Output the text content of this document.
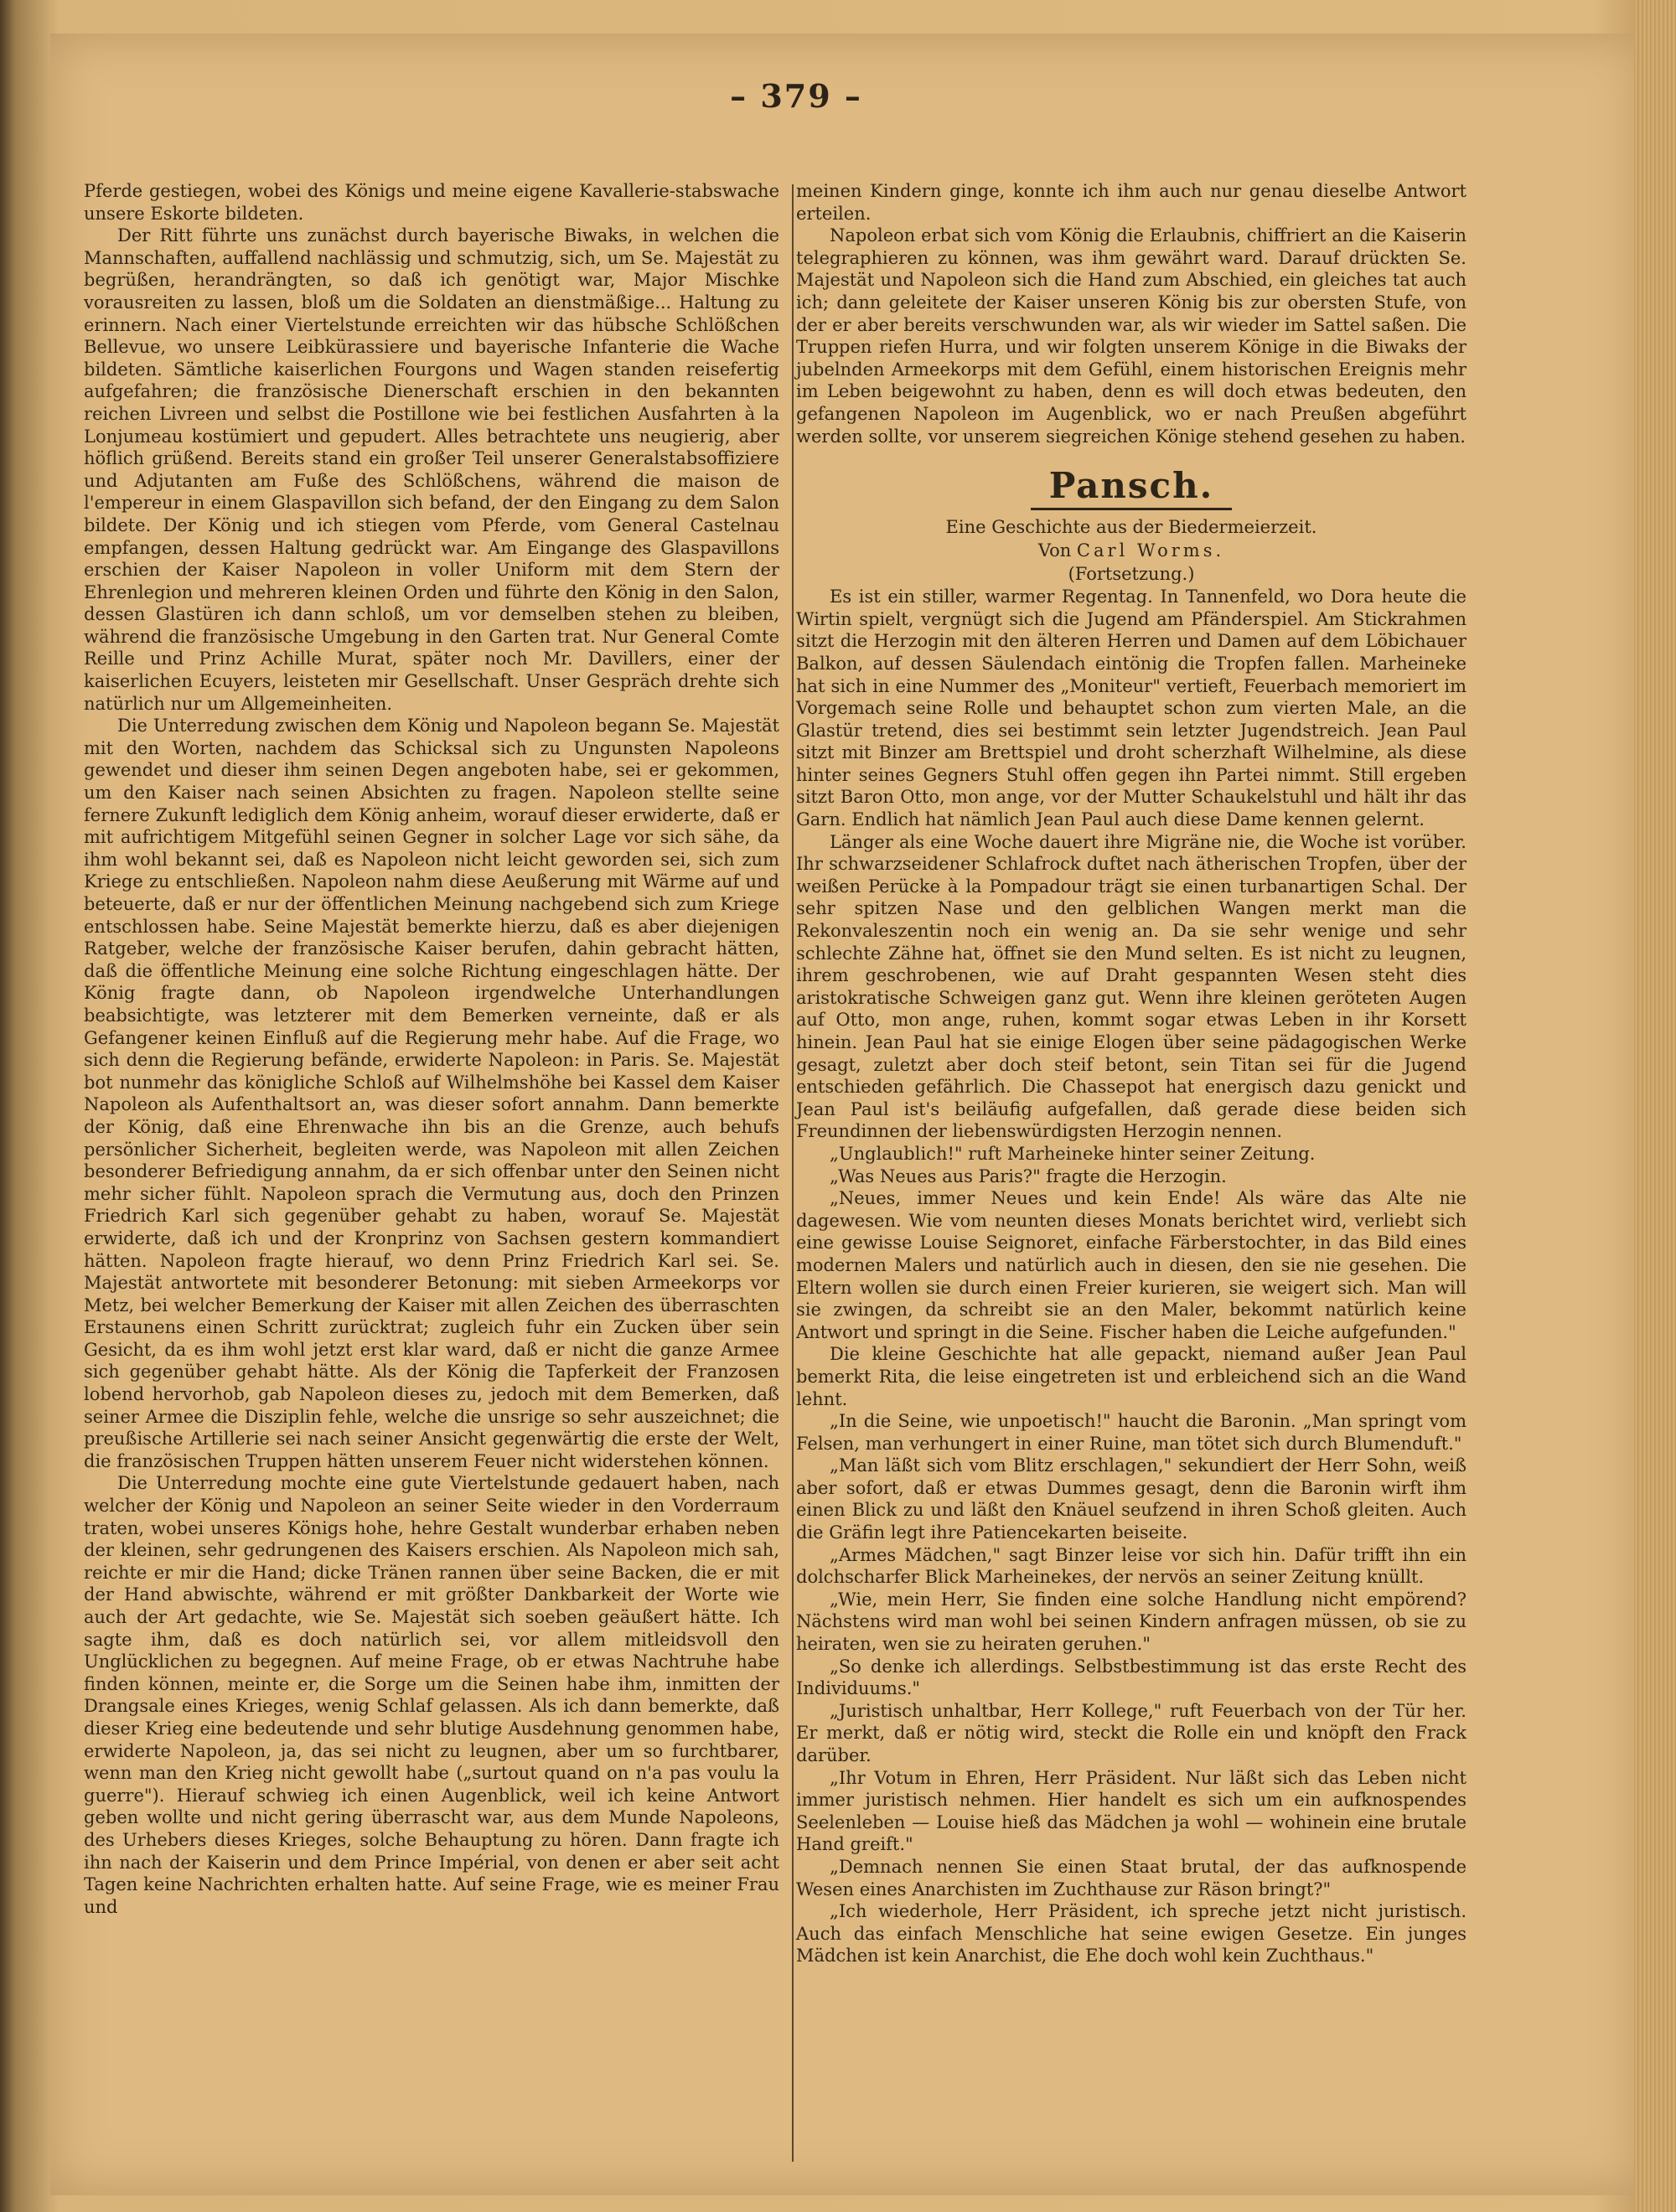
– 379 –

Pferde gestiegen, wobei des Königs und meine eigene Kavallerie-stabswache unsere Eskorte bildeten.

Der Ritt führte uns zunächst durch bayerische Biwaks, in welchen die Mannschaften, auffallend nachlässig und schmutzig, sich, um Se. Majestät zu begrüßen, herandrängten, so daß ich genötigt war, Major Mischke vorausreiten zu lassen, bloß um die Soldaten an dienstmäßige... Haltung zu erinnern. Nach einer Viertelstunde erreichten wir das hübsche Schlößchen Bellevue, wo unsere Leibkürassiere und bayerische Infanterie die Wache bildeten. Sämtliche kaiserlichen Fourgons und Wagen standen reisefertig aufgefahren; die französische Dienerschaft erschien in den bekannten reichen Livreen und selbst die Postillone wie bei festlichen Ausfahrten à la Lonjumeau kostümiert und gepudert. Alles betrachtete uns neugierig, aber höflich grüßend. Bereits stand ein großer Teil unserer Generalstabsoffiziere und Adjutanten am Fuße des Schlößchens, während die maison de l'empereur in einem Glaspavillon sich befand, der den Eingang zu dem Salon bildete. Der König und ich stiegen vom Pferde, vom General Castelnau empfangen, dessen Haltung gedrückt war. Am Eingange des Glaspavillons erschien der Kaiser Napoleon in voller Uniform mit dem Stern der Ehrenlegion und mehreren kleinen Orden und führte den König in den Salon, dessen Glastüren ich dann schloß, um vor demselben stehen zu bleiben, während die französische Umgebung in den Garten trat. Nur General Comte Reille und Prinz Achille Murat, später noch Mr. Davillers, einer der kaiserlichen Ecuyers, leisteten mir Gesellschaft. Unser Gespräch drehte sich natürlich nur um Allgemeinheiten.

Die Unterredung zwischen dem König und Napoleon begann Se. Majestät mit den Worten, nachdem das Schicksal sich zu Ungunsten Napoleons gewendet und dieser ihm seinen Degen angeboten habe, sei er gekommen, um den Kaiser nach seinen Absichten zu fragen. Napoleon stellte seine fernere Zukunft lediglich dem König anheim, worauf dieser erwiderte, daß er mit aufrichtigem Mitgefühl seinen Gegner in solcher Lage vor sich sähe, da ihm wohl bekannt sei, daß es Napoleon nicht leicht geworden sei, sich zum Kriege zu entschließen. Napoleon nahm diese Aeußerung mit Wärme auf und beteuerte, daß er nur der öffentlichen Meinung nachgebend sich zum Kriege entschlossen habe. Seine Majestät bemerkte hierzu, daß es aber diejenigen Ratgeber, welche der französische Kaiser berufen, dahin gebracht hätten, daß die öffentliche Meinung eine solche Richtung eingeschlagen hätte. Der König fragte dann, ob Napoleon irgendwelche Unterhandlungen beabsichtigte, was letzterer mit dem Bemerken verneinte, daß er als Gefangener keinen Einfluß auf die Regierung mehr habe. Auf die Frage, wo sich denn die Regierung befände, erwiderte Napoleon: in Paris. Se. Majestät bot nunmehr das königliche Schloß auf Wilhelmshöhe bei Kassel dem Kaiser Napoleon als Aufenthaltsort an, was dieser sofort annahm. Dann bemerkte der König, daß eine Ehrenwache ihn bis an die Grenze, auch behufs persönlicher Sicherheit, begleiten werde, was Napoleon mit allen Zeichen besonderer Befriedigung annahm, da er sich offenbar unter den Seinen nicht mehr sicher fühlt. Napoleon sprach die Vermutung aus, doch den Prinzen Friedrich Karl sich gegenüber gehabt zu haben, worauf Se. Majestät erwiderte, daß ich und der Kronprinz von Sachsen gestern kommandiert hätten. Napoleon fragte hierauf, wo denn Prinz Friedrich Karl sei. Se. Majestät antwortete mit besonderer Betonung: mit sieben Armeekorps vor Metz, bei welcher Bemerkung der Kaiser mit allen Zeichen des überraschten Erstaunens einen Schritt zurücktrat; zugleich fuhr ein Zucken über sein Gesicht, da es ihm wohl jetzt erst klar ward, daß er nicht die ganze Armee sich gegenüber gehabt hätte. Als der König die Tapferkeit der Franzosen lobend hervorhob, gab Napoleon dieses zu, jedoch mit dem Bemerken, daß seiner Armee die Disziplin fehle, welche die unsrige so sehr auszeichnet; die preußische Artillerie sei nach seiner Ansicht gegenwärtig die erste der Welt, die französischen Truppen hätten unserem Feuer nicht widerstehen können.

Die Unterredung mochte eine gute Viertelstunde gedauert haben, nach welcher der König und Napoleon an seiner Seite wieder in den Vorderraum traten, wobei unseres Königs hohe, hehre Gestalt wunderbar erhaben neben der kleinen, sehr gedrungenen des Kaisers erschien. Als Napoleon mich sah, reichte er mir die Hand; dicke Tränen rannen über seine Backen, die er mit der Hand abwischte, während er mit größter Dankbarkeit der Worte wie auch der Art gedachte, wie Se. Majestät sich soeben geäußert hätte. Ich sagte ihm, daß es doch natürlich sei, vor allem mitleidsvoll den Unglücklichen zu begegnen. Auf meine Frage, ob er etwas Nachtruhe habe finden können, meinte er, die Sorge um die Seinen habe ihm, inmitten der Drangsale eines Krieges, wenig Schlaf gelassen. Als ich dann bemerkte, daß dieser Krieg eine bedeutende und sehr blutige Ausdehnung genommen habe, erwiderte Napoleon, ja, das sei nicht zu leugnen, aber um so furchtbarer, wenn man den Krieg nicht gewollt habe („surtout quand on n'a pas voulu la guerre"). Hierauf schwieg ich einen Augenblick, weil ich keine Antwort geben wollte und nicht gering überrascht war, aus dem Munde Napoleons, des Urhebers dieses Krieges, solche Behauptung zu hören. Dann fragte ich ihn nach der Kaiserin und dem Prince Impérial, von denen er aber seit acht Tagen keine Nachrichten erhalten hatte. Auf seine Frage, wie es meiner Frau und

meinen Kindern ginge, konnte ich ihm auch nur genau dieselbe Antwort erteilen.

Napoleon erbat sich vom König die Erlaubnis, chiffriert an die Kaiserin telegraphieren zu können, was ihm gewährt ward. Darauf drückten Se. Majestät und Napoleon sich die Hand zum Abschied, ein gleiches tat auch ich; dann geleitete der Kaiser unseren König bis zur obersten Stufe, von der er aber bereits verschwunden war, als wir wieder im Sattel saßen. Die Truppen riefen Hurra, und wir folgten unserem Könige in die Biwaks der jubelnden Armeekorps mit dem Gefühl, einem historischen Ereignis mehr im Leben beigewohnt zu haben, denn es will doch etwas bedeuten, den gefangenen Napoleon im Augenblick, wo er nach Preußen abgeführt werden sollte, vor unserem siegreichen Könige stehend gesehen zu haben.

Pansch.
Eine Geschichte aus der Biedermeierzeit.
Von Carl Worms.
(Fortsetzung.)

Es ist ein stiller, warmer Regentag. In Tannenfeld, wo Dora heute die Wirtin spielt, vergnügt sich die Jugend am Pfänderspiel. Am Stickrahmen sitzt die Herzogin mit den älteren Herren und Damen auf dem Löbichauer Balkon, auf dessen Säulendach eintönig die Tropfen fallen. Marheineke hat sich in eine Nummer des „Moniteur" vertieft, Feuerbach memoriert im Vorgemach seine Rolle und behauptet schon zum vierten Male, an die Glastür tretend, dies sei bestimmt sein letzter Jugendstreich. Jean Paul sitzt mit Binzer am Brettspiel und droht scherzhaft Wilhelmine, als diese hinter seines Gegners Stuhl offen gegen ihn Partei nimmt. Still ergeben sitzt Baron Otto, mon ange, vor der Mutter Schaukelstuhl und hält ihr das Garn. Endlich hat nämlich Jean Paul auch diese Dame kennen gelernt.

Länger als eine Woche dauert ihre Migräne nie, die Woche ist vorüber. Ihr schwarzseidener Schlafrock duftet nach ätherischen Tropfen, über der weißen Perücke à la Pompadour trägt sie einen turbanartigen Schal. Der sehr spitzen Nase und den gelblichen Wangen merkt man die Rekonvaleszentin noch ein wenig an. Da sie sehr wenige und sehr schlechte Zähne hat, öffnet sie den Mund selten. Es ist nicht zu leugnen, ihrem geschrobenen, wie auf Draht gespannten Wesen steht dies aristokratische Schweigen ganz gut. Wenn ihre kleinen geröteten Augen auf Otto, mon ange, ruhen, kommt sogar etwas Leben in ihr Korsett hinein. Jean Paul hat sie einige Elogen über seine pädagogischen Werke gesagt, zuletzt aber doch steif betont, sein Titan sei für die Jugend entschieden gefährlich. Die Chassepot hat energisch dazu genickt und Jean Paul ist's beiläufig aufgefallen, daß gerade diese beiden sich Freundinnen der liebenswürdigsten Herzogin nennen.

„Unglaublich!" ruft Marheineke hinter seiner Zeitung.

„Was Neues aus Paris?" fragte die Herzogin.

„Neues, immer Neues und kein Ende! Als wäre das Alte nie dagewesen. Wie vom neunten dieses Monats berichtet wird, verliebt sich eine gewisse Louise Seignoret, einfache Färberstochter, in das Bild eines modernen Malers und natürlich auch in diesen, den sie nie gesehen. Die Eltern wollen sie durch einen Freier kurieren, sie weigert sich. Man will sie zwingen, da schreibt sie an den Maler, bekommt natürlich keine Antwort und springt in die Seine. Fischer haben die Leiche aufgefunden."

Die kleine Geschichte hat alle gepackt, niemand außer Jean Paul bemerkt Rita, die leise eingetreten ist und erbleichend sich an die Wand lehnt.

„In die Seine, wie unpoetisch!" haucht die Baronin. „Man springt vom Felsen, man verhungert in einer Ruine, man tötet sich durch Blumenduft."

„Man läßt sich vom Blitz erschlagen," sekundiert der Herr Sohn, weiß aber sofort, daß er etwas Dummes gesagt, denn die Baronin wirft ihm einen Blick zu und läßt den Knäuel seufzend in ihren Schoß gleiten. Auch die Gräfin legt ihre Patiencekarten beiseite.

„Armes Mädchen," sagt Binzer leise vor sich hin. Dafür trifft ihn ein dolchscharfer Blick Marheinekes, der nervös an seiner Zeitung knüllt.

„Wie, mein Herr, Sie finden eine solche Handlung nicht empörend? Nächstens wird man wohl bei seinen Kindern anfragen müssen, ob sie zu heiraten, wen sie zu heiraten geruhen."

„So denke ich allerdings. Selbstbestimmung ist das erste Recht des Individuums."

„Juristisch unhaltbar, Herr Kollege," ruft Feuerbach von der Tür her. Er merkt, daß er nötig wird, steckt die Rolle ein und knöpft den Frack darüber.

„Ihr Votum in Ehren, Herr Präsident. Nur läßt sich das Leben nicht immer juristisch nehmen. Hier handelt es sich um ein aufknospendes Seelenleben — Louise hieß das Mädchen ja wohl — wohinein eine brutale Hand greift."

„Demnach nennen Sie einen Staat brutal, der das aufknospende Wesen eines Anarchisten im Zuchthause zur Räson bringt?"

„Ich wiederhole, Herr Präsident, ich spreche jetzt nicht juristisch. Auch das einfach Menschliche hat seine ewigen Gesetze. Ein junges Mädchen ist kein Anarchist, die Ehe doch wohl kein Zuchthaus."
